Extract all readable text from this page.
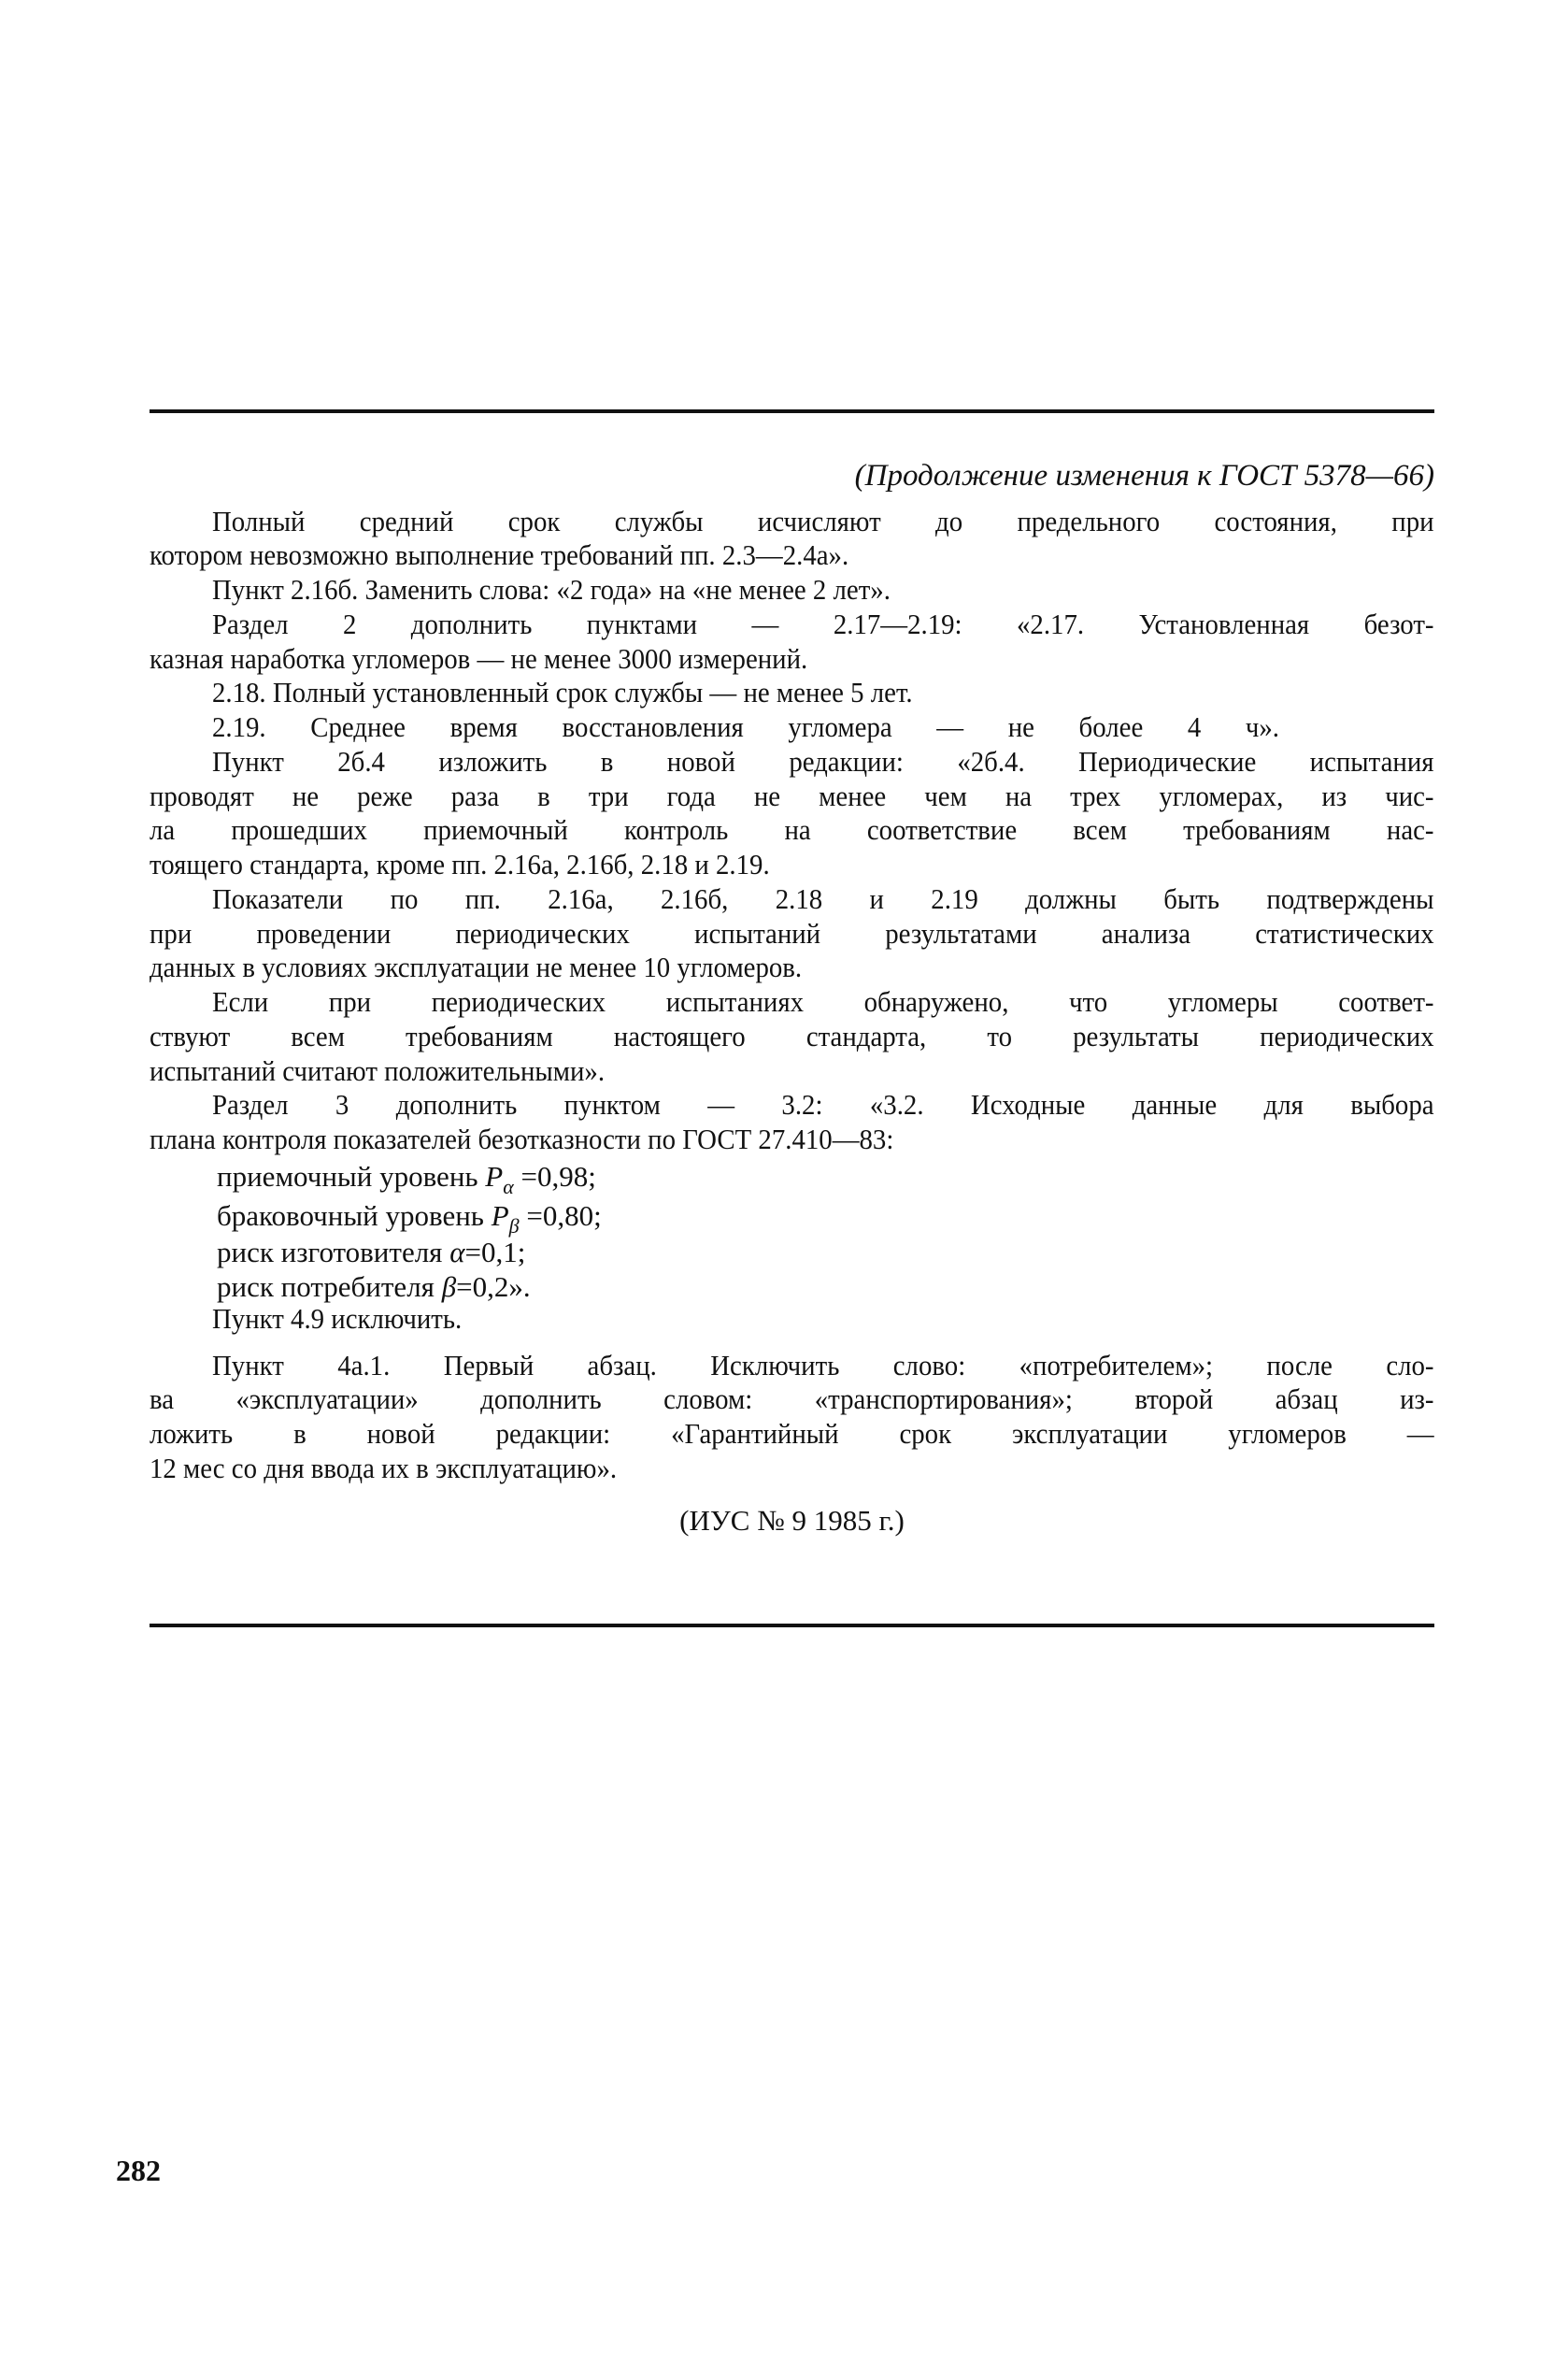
(Продолжение изменения к ГОСТ 5378—66)
Полный средний срок службы исчисляют до предельного состояния, при
котором невозможно выполнение требований пп. 2.3—2.4а».
Пункт 2.16б. Заменить слова: «2 года» на «не менее 2 лет».
Раздел 2 дополнить пунктами — 2.17—2.19: «2.17. Установленная безот-
казная наработка угломеров — не менее 3000 измерений.
2.18. Полный установленный срок службы — не менее 5 лет.
2.19. Среднее время восстановления угломера — не более 4 ч».
Пункт 2б.4 изложить в новой редакции: «2б.4. Периодические испытания
проводят не реже раза в три года не менее чем на трех угломерах, из чис-
ла прошедших приемочный контроль на соответствие всем требованиям нас-
тоящего стандарта, кроме пп. 2.16а, 2.16б, 2.18 и 2.19.
Показатели по пп. 2.16а, 2.16б, 2.18 и 2.19 должны быть подтверждены
при проведении периодических испытаний результатами анализа статистических
данных в условиях эксплуатации не менее 10 угломеров.
Если при периодических испытаниях обнаружено, что угломеры соответ-
ствуют всем требованиям настоящего стандарта, то результаты периодических
испытаний считают положительными».
Раздел 3 дополнить пунктом — 3.2: «3.2. Исходные данные для выбора
плана контроля показателей безотказности по ГОСТ 27.410—83:
приемочный уровень $P_\alpha =0,98$;
браковочный уровень $P_\beta =0,80$;
риск изготовителя α=0,1;
риск потребителя β=0,2».
Пункт 4.9 исключить.
Пункт 4а.1. Первый абзац. Исключить слово: «потребителем»; после сло-
ва «эксплуатации» дополнить словом: «транспортирования»; второй абзац из-
ложить в новой редакции: «Гарантийный срок эксплуатации угломеров —
12 мес со дня ввода их в эксплуатацию».
(ИУС № 9 1985 г.)
282
